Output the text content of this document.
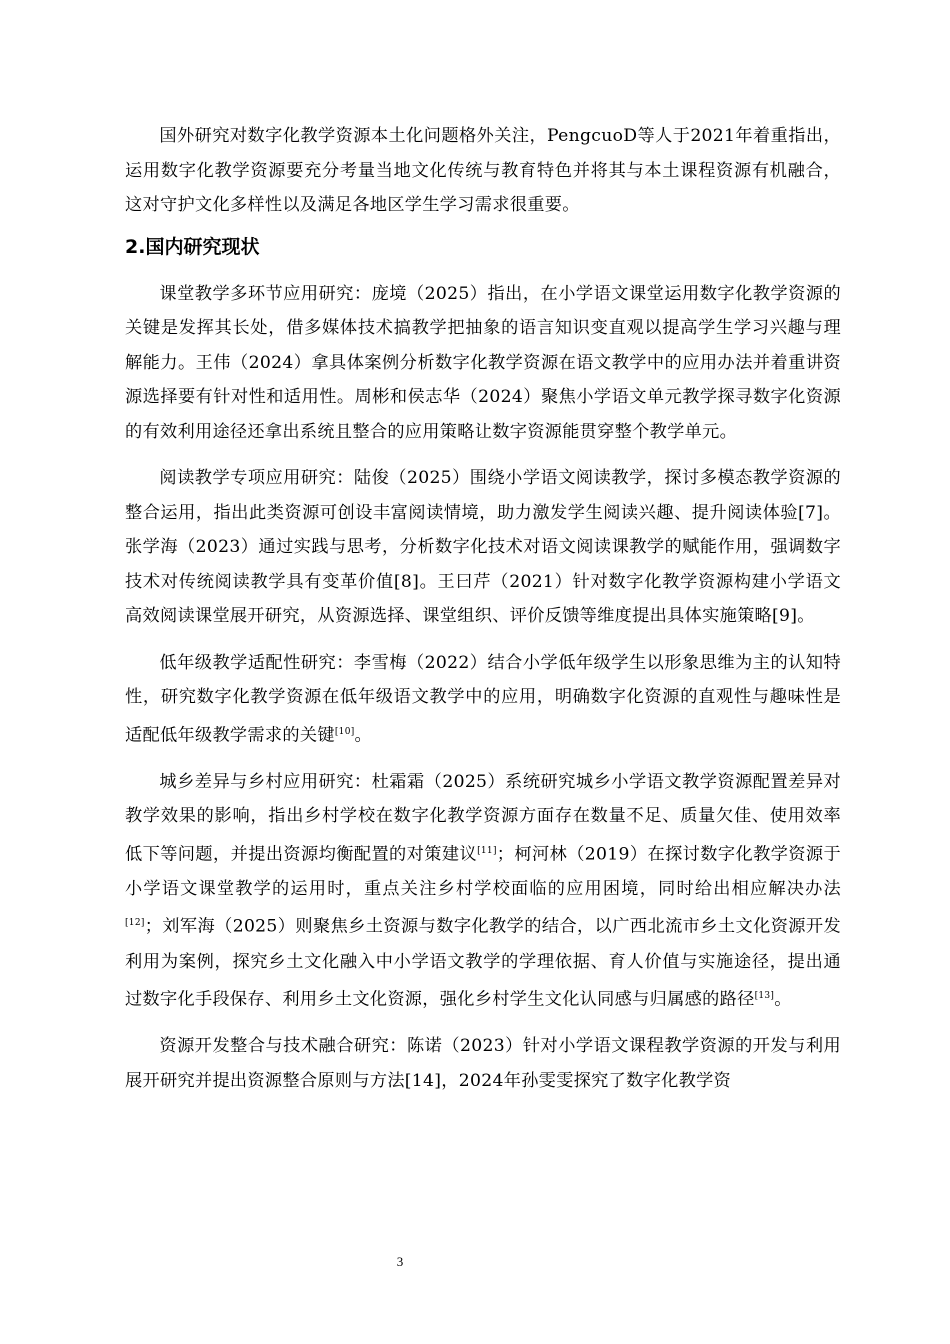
国外研究对数字化教学资源本土化问题格外关注，PengcuoD等人于2021年着重指出，运用数字化教学资源要充分考量当地文化传统与教育特色并将其与本土课程资源有机融合，这对守护文化多样性以及满足各地区学生学习需求很重要。

2.国内研究现状

课堂教学多环节应用研究：庞境（2025）指出，在小学语文课堂运用数字化教学资源的关键是发挥其长处，借多媒体技术搞教学把抽象的语言知识变直观以提高学生学习兴趣与理解能力。王伟（2024）拿具体案例分析数字化教学资源在语文教学中的应用办法并着重讲资源选择要有针对性和适用性。周彬和侯志华（2024）聚焦小学语文单元教学探寻数字化资源的有效利用途径还拿出系统且整合的应用策略让数字资源能贯穿整个教学单元。

阅读教学专项应用研究：陆俊（2025）围绕小学语文阅读教学，探讨多模态教学资源的整合运用，指出此类资源可创设丰富阅读情境，助力激发学生阅读兴趣、提升阅读体验[7]。张学海（2023）通过实践与思考，分析数字化技术对语文阅读课教学的赋能作用，强调数字技术对传统阅读教学具有变革价值[8]。王曰芹（2021）针对数字化教学资源构建小学语文高效阅读课堂展开研究，从资源选择、课堂组织、评价反馈等维度提出具体实施策略[9]。

低年级教学适配性研究：李雪梅（2022）结合小学低年级学生以形象思维为主的认知特性，研究数字化教学资源在低年级语文教学中的应用，明确数字化资源的直观性与趣味性是适配低年级教学需求的关键[10]。

城乡差异与乡村应用研究：杜霜霜（2025）系统研究城乡小学语文教学资源配置差异对教学效果的影响，指出乡村学校在数字化教学资源方面存在数量不足、质量欠佳、使用效率低下等问题，并提出资源均衡配置的对策建议[11]；柯河林（2019）在探讨数字化教学资源于小学语文课堂教学的运用时，重点关注乡村学校面临的应用困境，同时给出相应解决办法[12]；刘军海（2025）则聚焦乡土资源与数字化教学的结合，以广西北流市乡土文化资源开发利用为案例，探究乡土文化融入中小学语文教学的学理依据、育人价值与实施途径，提出通过数字化手段保存、利用乡土文化资源，强化乡村学生文化认同感与归属感的路径[13]。

资源开发整合与技术融合研究：陈诺（2023）针对小学语文课程教学资源的开发与利用展开研究并提出资源整合原则与方法[14]，2024年孙雯雯探究了数字化教学资

3
